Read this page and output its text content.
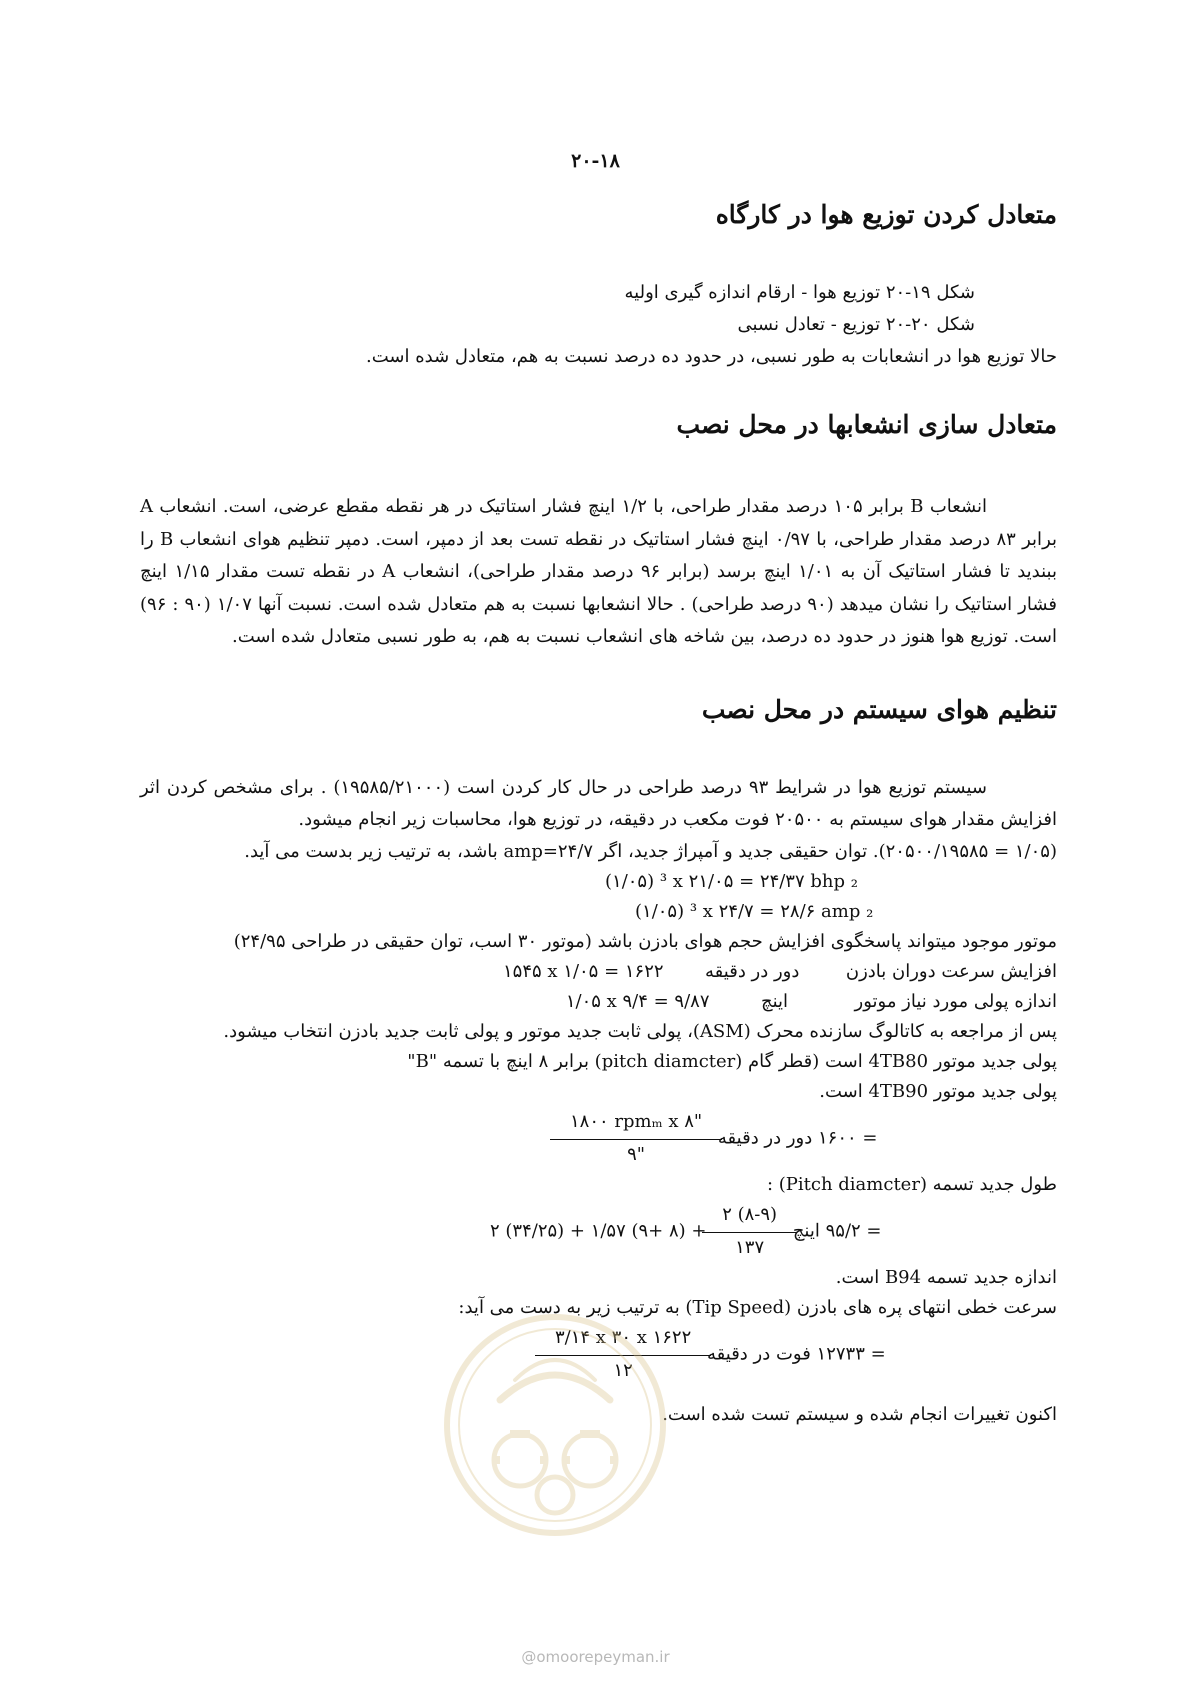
۲۰-۱۸
متعادل کردن توزیع هوا در کارگاه
شکل ۱۹-۲۰ توزیع هوا - ارقام اندازه گیری اولیه
شکل ۲۰-۲۰ توزیع - تعادل نسبی
حالا توزیع هوا در انشعابات به طور نسبی، در حدود ده درصد نسبت به هم، متعادل شده است.
متعادل سازی انشعابها در محل نصب

انشعاب B برابر ۱۰۵ درصد مقدار طراحی، با ۱/۲ اینچ فشار استاتیک در هر نقطه مقطع عرضی، است. انشعاب A برابر ۸۳ درصد مقدار طراحی، با ۰/۹۷ اینچ فشار استاتیک در نقطه تست بعد از دمپر، است. دمپر تنظیم هوای انشعاب B را ببندید تا فشار استاتیک آن به ۱/۰۱ اینچ برسد (برابر ۹۶ درصد مقدار طراحی)، انشعاب A در نقطه تست مقدار ۱/۱۵ اینچ فشار استاتیک را نشان میدهد (۹۰ درصد طراحی) . حالا انشعابها نسبت به هم متعادل شده است. نسبت آنها ۱/۰۷ (۹۰ : ۹۶) است. توزیع هوا هنوز در حدود ده درصد، بین شاخه های انشعاب نسبت به هم، به طور نسبی متعادل شده است.

تنظیم هوای سیستم در محل نصب

سیستم توزیع هوا در شرایط ۹۳ درصد طراحی در حال کار کردن است (۱۹۵۸۵/۲۱۰۰۰) . برای مشخص کردن اثر افزایش مقدار هوای سیستم به ۲۰۵۰۰ فوت مکعب در دقیقه، در توزیع هوا، محاسبات زیر انجام میشود.

(۱/۰۵ = ۲۰۵۰۰/۱۹۵۸۵). توان حقیقی جدید و آمپراژ جدید، اگر amp=۲۴/۷ باشد، به ترتیب زیر بدست می آید.
(۱/۰۵) ³ x ۲۱/۰۵ = ۲۴/۳۷ bhp ₂
(۱/۰۵) ³ x ۲۴/۷ = ۲۸/۶ amp ₂
موتور موجود میتواند پاسخگوی افزایش حجم هوای بادزن باشد (موتور ۳۰ اسب، توان حقیقی در طراحی ۲۴/۹۵)
افزایش سرعت دوران بادزن  دور در دقیقه  ۱۵۴۵ x ۱/۰۵ = ۱۶۲۲
اندازه پولی مورد نیاز موتور  اینچ  ۱/۰۵ x ۹/۴ = ۹/۸۷
پس از مراجعه به کاتالوگ سازنده محرک (ASM)، پولی ثابت جدید موتور و پولی ثابت جدید بادزن انتخاب میشود.
پولی جدید موتور 4TB80 است (قطر گام (pitch diamcter) برابر ۸ اینچ با تسمه "B"
پولی جدید موتور 4TB90 است.
$\frac{\text{۱۸۰۰ rpmₘ x ۸"}}{۹"}$ = ۱۶۰۰ دور در دقیقه
طول جدید تسمه (Pitch diamcter) :
۲ (۳۴/۲۵) + ۱/۵۷ (۹+ ۸) + $\frac{۲ (۸-۹)}{۱۳۷}$ = ۹۵/۲ اینچ
اندازه جدید تسمه B94 است.
سرعت خطی انتهای پره های بادزن (Tip Speed) به ترتیب زیر به دست می آید:
$\frac{۳/۱۴ x ۳۰ x ۱۶۲۲}{۱۲}$ = ۱۲۷۳۳ فوت در دقیقه
اکنون تغییرات انجام شده و سیستم تست شده است.
@omoorepeyman.ir
